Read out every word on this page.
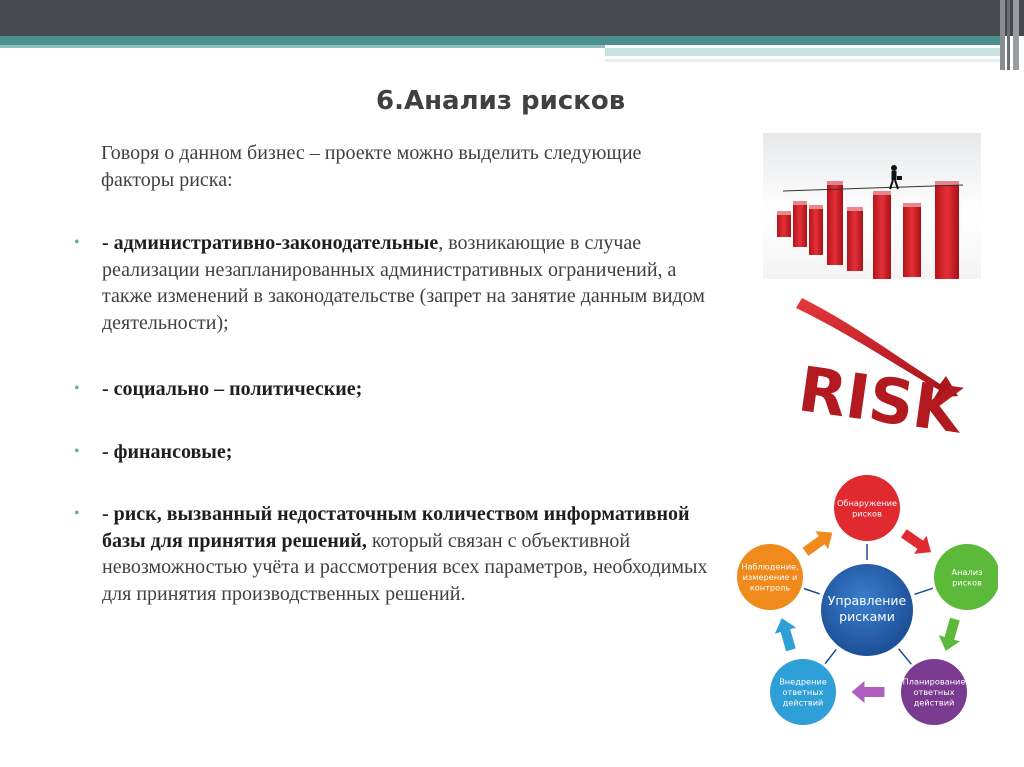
6.Анализ рисков

Говоря о данном бизнес – проекте можно выделить следующие факторы риска:

• - административно-законодательные, возникающие в случае реализации незапланированных административных ограничений, а также изменений в законодательстве (запрет на занятие данным видом деятельности);
• - социально – политические;
• - финансовые;
• - риск, вызванный недостаточным количеством информативной базы для принятия решений, который связан с объективной невозможностью учёта и рассмотрения всех параметров, необходимых для принятия производственных решений.
RISK
Управление
рисками
Обнаружение
рисков
Анализ
рисков
Планирование
ответных
действий
Внедрение
ответных
действий
Наблюдение,
измерение и
контроль
